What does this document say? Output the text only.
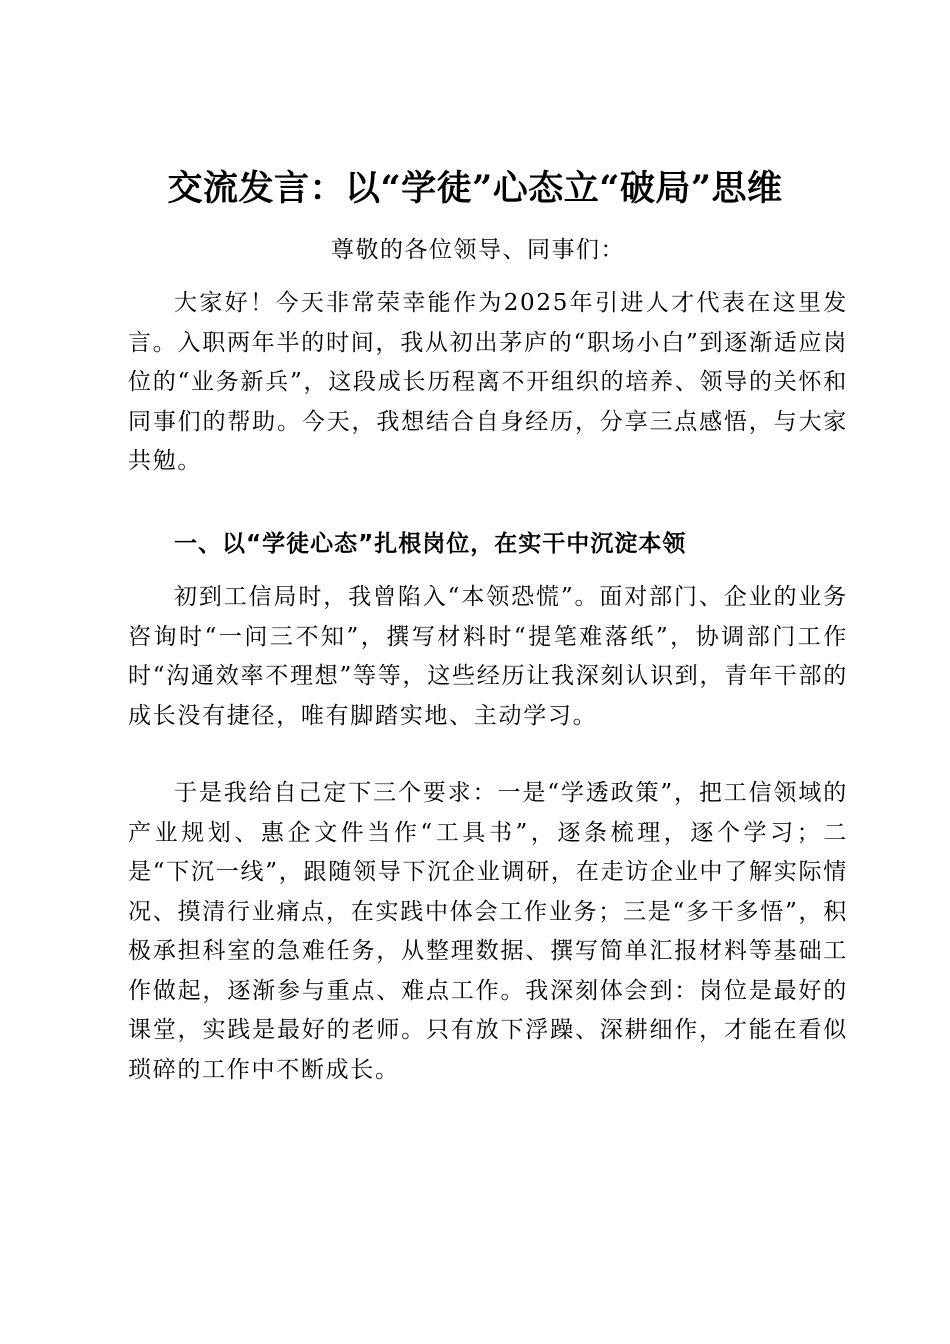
交流发言：以“学徒”心态立“破局”思维
尊敬的各位领导、同事们：

大家好！今天非常荣幸能作为2025年引进人才代表在这里发言。入职两年半的时间，我从初出茅庐的“职场小白”到逐渐适应岗位的“业务新兵”，这段成长历程离不开组织的培养、领导的关怀和同事们的帮助。今天，我想结合自身经历，分享三点感悟，与大家共勉。

一、以“学徒心态”扎根岗位，在实干中沉淀本领

初到工信局时，我曾陷入“本领恐慌”。面对部门、企业的业务咨询时“一问三不知”，撰写材料时“提笔难落纸”，协调部门工作时“沟通效率不理想”等等，这些经历让我深刻认识到，青年干部的成长没有捷径，唯有脚踏实地、主动学习。

于是我给自己定下三个要求：一是“学透政策”，把工信领域的产业规划、惠企文件当作“工具书”，逐条梳理，逐个学习；二是“下沉一线”，跟随领导下沉企业调研，在走访企业中了解实际情况、摸清行业痛点，在实践中体会工作业务；三是“多干多悟”，积极承担科室的急难任务，从整理数据、撰写简单汇报材料等基础工作做起，逐渐参与重点、难点工作。我深刻体会到：岗位是最好的课堂，实践是最好的老师。只有放下浮躁、深耕细作，才能在看似琐碎的工作中不断成长。
